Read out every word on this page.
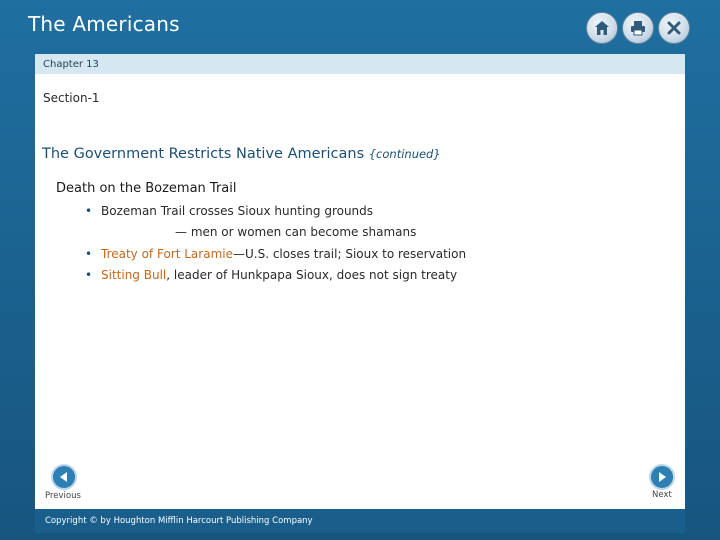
The Americans
Chapter 13
Section-1
The Government Restricts Native Americans {continued}
Death on the Bozeman Trail
• Bozeman Trail crosses Sioux hunting grounds
— men or women can become shamans
• Treaty of Fort Laramie—U.S. closes trail; Sioux to reservation
• Sitting Bull, leader of Hunkpapa Sioux, does not sign treaty
Previous	Next
Copyright © by Houghton Mifflin Harcourt Publishing Company
